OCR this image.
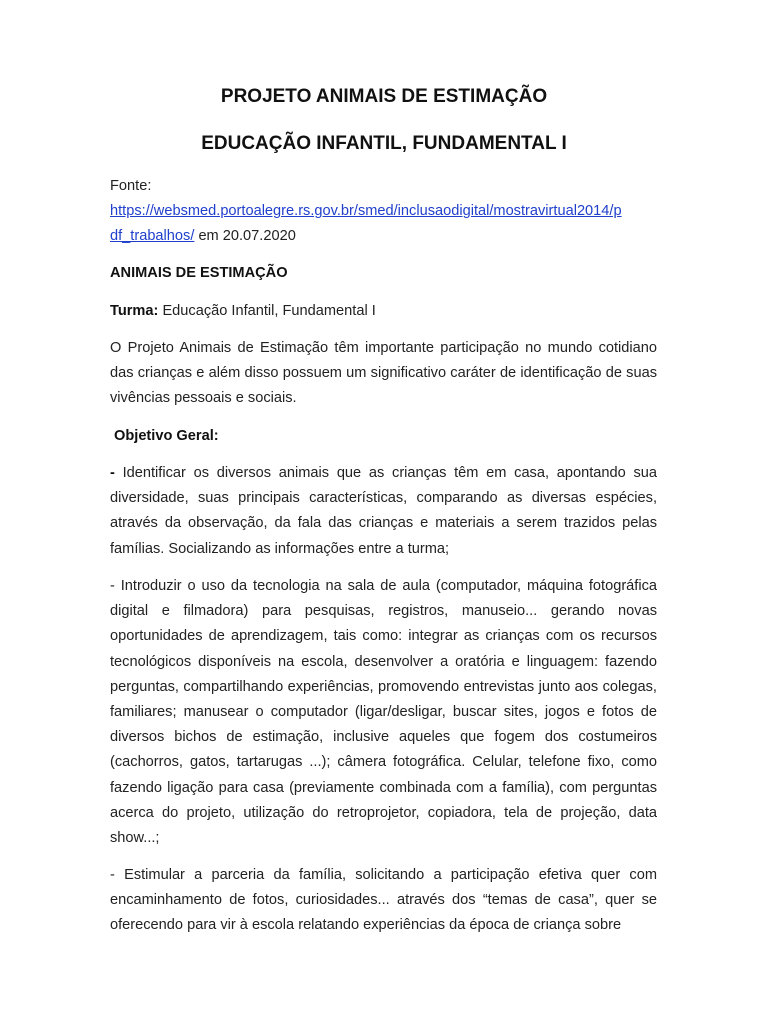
PROJETO ANIMAIS DE ESTIMAÇÃO
EDUCAÇÃO INFANTIL, FUNDAMENTAL I
Fonte:
https://websmed.portoalegre.rs.gov.br/smed/inclusaodigital/mostravirtual2014/p
df_trabalhos/ em 20.07.2020
ANIMAIS DE ESTIMAÇÃO
Turma: Educação Infantil, Fundamental I
O Projeto Animais de Estimação têm importante participação no mundo cotidiano das crianças e além disso possuem um significativo caráter de identificação de suas vivências pessoais e sociais.
Objetivo Geral:
- Identificar os diversos animais que as crianças têm em casa, apontando sua diversidade, suas principais características, comparando as diversas espécies, através da observação, da fala das crianças e materiais a serem trazidos pelas famílias. Socializando as informações entre a turma;
- Introduzir o uso da tecnologia na sala de aula (computador, máquina fotográfica digital e filmadora) para pesquisas, registros, manuseio... gerando novas oportunidades de aprendizagem, tais como: integrar as crianças com os recursos tecnológicos disponíveis na escola, desenvolver a oratória e linguagem: fazendo perguntas, compartilhando experiências, promovendo entrevistas junto aos colegas, familiares; manusear o computador (ligar/desligar, buscar sites, jogos e fotos de diversos bichos de estimação, inclusive aqueles que fogem dos costumeiros (cachorros, gatos, tartarugas ...); câmera fotográfica. Celular, telefone fixo, como fazendo ligação para casa (previamente combinada com a família), com perguntas acerca do projeto, utilização do retroprojetor, copiadora, tela de projeção, data show...;
- Estimular a parceria da família, solicitando a participação efetiva quer com encaminhamento de fotos, curiosidades... através dos “temas de casa”, quer se oferecendo para vir à escola relatando experiências da época de criança sobre
